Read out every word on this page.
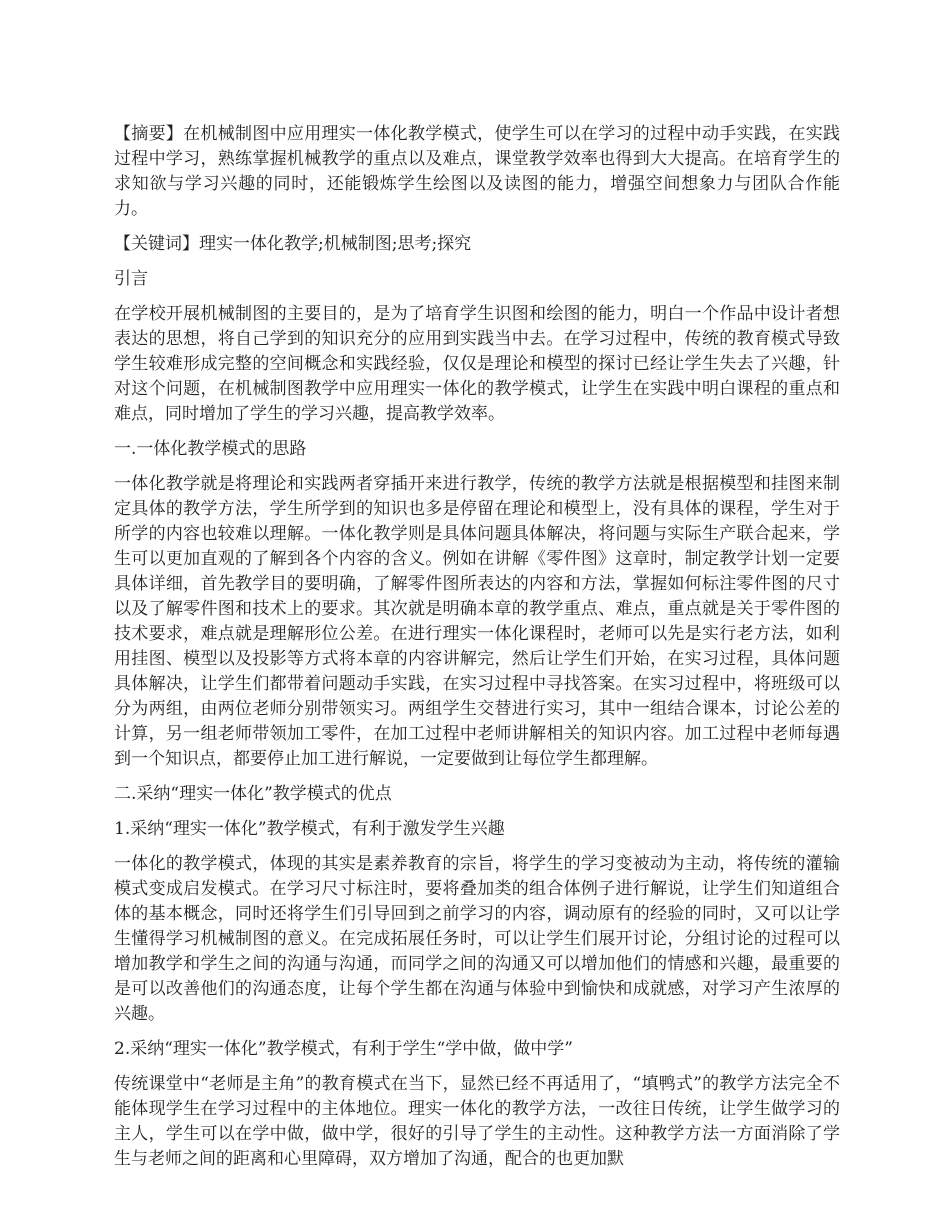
【摘要】在机械制图中应用理实一体化教学模式，使学生可以在学习的过程中动手实践，在实践过程中学习，熟练掌握机械教学的重点以及难点，课堂教学效率也得到大大提高。在培育学生的求知欲与学习兴趣的同时，还能锻炼学生绘图以及读图的能力，增强空间想象力与团队合作能力。

【关键词】理实一体化教学;机械制图;思考;探究

引言

在学校开展机械制图的主要目的，是为了培育学生识图和绘图的能力，明白一个作品中设计者想表达的思想，将自己学到的知识充分的应用到实践当中去。在学习过程中，传统的教育模式导致学生较难形成完整的空间概念和实践经验，仅仅是理论和模型的探讨已经让学生失去了兴趣，针对这个问题，在机械制图教学中应用理实一体化的教学模式，让学生在实践中明白课程的重点和难点，同时增加了学生的学习兴趣，提高教学效率。

一.一体化教学模式的思路

一体化教学就是将理论和实践两者穿插开来进行教学，传统的教学方法就是根据模型和挂图来制定具体的教学方法，学生所学到的知识也多是停留在理论和模型上，没有具体的课程，学生对于所学的内容也较难以理解。一体化教学则是具体问题具体解决，将问题与实际生产联合起来，学生可以更加直观的了解到各个内容的含义。例如在讲解《零件图》这章时，制定教学计划一定要具体详细，首先教学目的要明确，了解零件图所表达的内容和方法，掌握如何标注零件图的尺寸以及了解零件图和技术上的要求。其次就是明确本章的教学重点、难点，重点就是关于零件图的技术要求，难点就是理解形位公差。在进行理实一体化课程时，老师可以先是实行老方法，如利用挂图、模型以及投影等方式将本章的内容讲解完，然后让学生们开始，在实习过程，具体问题具体解决，让学生们都带着问题动手实践，在实习过程中寻找答案。在实习过程中，将班级可以分为两组，由两位老师分别带领实习。两组学生交替进行实习，其中一组结合课本，讨论公差的计算，另一组老师带领加工零件，在加工过程中老师讲解相关的知识内容。加工过程中老师每遇到一个知识点，都要停止加工进行解说，一定要做到让每位学生都理解。

二.采纳“理实一体化”教学模式的优点

1.采纳“理实一体化”教学模式，有利于激发学生兴趣

一体化的教学模式，体现的其实是素养教育的宗旨，将学生的学习变被动为主动，将传统的灌输模式变成启发模式。在学习尺寸标注时，要将叠加类的组合体例子进行解说，让学生们知道组合体的基本概念，同时还将学生们引导回到之前学习的内容，调动原有的经验的同时，又可以让学生懂得学习机械制图的意义。在完成拓展任务时，可以让学生们展开讨论，分组讨论的过程可以增加教学和学生之间的沟通与沟通，而同学之间的沟通又可以增加他们的情感和兴趣，最重要的是可以改善他们的沟通态度，让每个学生都在沟通与体验中到愉快和成就感，对学习产生浓厚的兴趣。

2.采纳“理实一体化”教学模式，有利于学生“学中做，做中学”

传统课堂中“老师是主角”的教育模式在当下，显然已经不再适用了，“填鸭式”的教学方法完全不能体现学生在学习过程中的主体地位。理实一体化的教学方法，一改往日传统，让学生做学习的主人，学生可以在学中做，做中学，很好的引导了学生的主动性。这种教学方法一方面消除了学生与老师之间的距离和心里障碍，双方增加了沟通，配合的也更加默
